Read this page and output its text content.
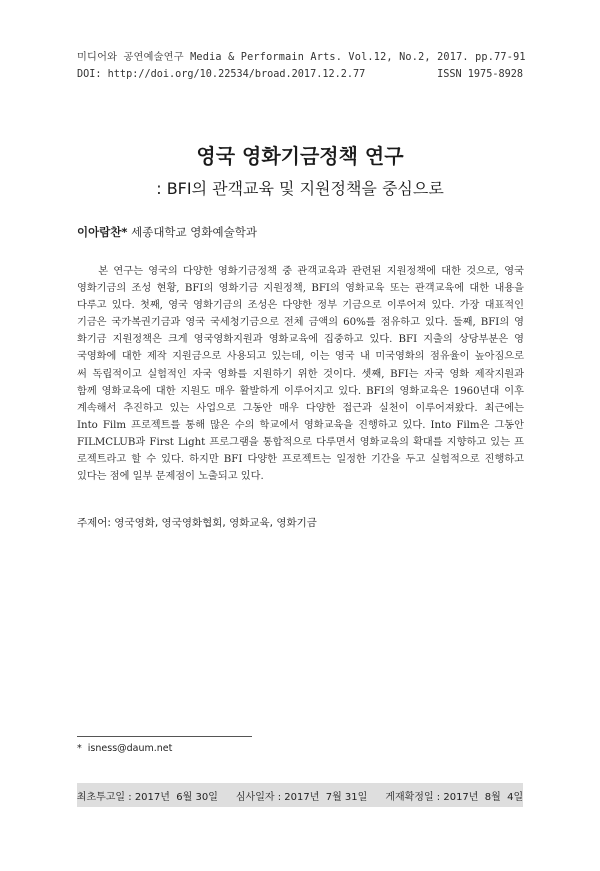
미디어와 공연예술연구 Media & Performain Arts. Vol.12, No.2, 2017. pp.77-91
DOI: http://doi.org/10.22534/broad.2017.12.2.77	ISSN 1975-8928
영국 영화기금정책 연구
: BFI의 관객교육 및 지원정책을 중심으로
이아람찬* 세종대학교 영화예술학과
본 연구는 영국의 다양한 영화기금정책 중 관객교육과 관련된 지원정책에 대한 것으로, 영국
영화기금의 조성 현황, BFI의 영화기금 지원정책, BFI의 영화교육 또는 관객교육에 대한 내용을
다루고 있다. 첫째, 영국 영화기금의 조성은 다양한 정부 기금으로 이루어져 있다. 가장 대표적인
기금은 국가복권기금과 영국 국세청기금으로 전체 금액의 60%를 점유하고 있다. 둘째, BFI의 영
화기금 지원정책은 크게 영국영화지원과 영화교육에 집중하고 있다. BFI 지출의 상당부분은 영
국영화에 대한 제작 지원금으로 사용되고 있는데, 이는 영국 내 미국영화의 점유율이 높아짐으로
써 독립적이고 실험적인 자국 영화를 지원하기 위한 것이다. 셋째, BFI는 자국 영화 제작지원과
함께 영화교육에 대한 지원도 매우 활발하게 이루어지고 있다. BFI의 영화교육은 1960년대 이후
계속해서 추진하고 있는 사업으로 그동안 매우 다양한 접근과 실천이 이루어져왔다. 최근에는
Into Film 프로젝트를 통해 많은 수의 학교에서 영화교육을 진행하고 있다. Into Film은 그동안
FILMCLUB과 First Light 프로그램을 통합적으로 다루면서 영화교육의 확대를 지향하고 있는 프
로젝트라고 할 수 있다. 하지만 BFI 다양한 프로젝트는 일정한 기간을 두고 실험적으로 진행하고
있다는 점에 일부 문제점이 노출되고 있다.
주제어: 영국영화, 영국영화협회, 영화교육, 영화기금
*  isness@daum.net
최초투고일 : 2017년  6월 30일 심사일자 : 2017년  7월 31일 게재확정일 : 2017년  8월  4일
